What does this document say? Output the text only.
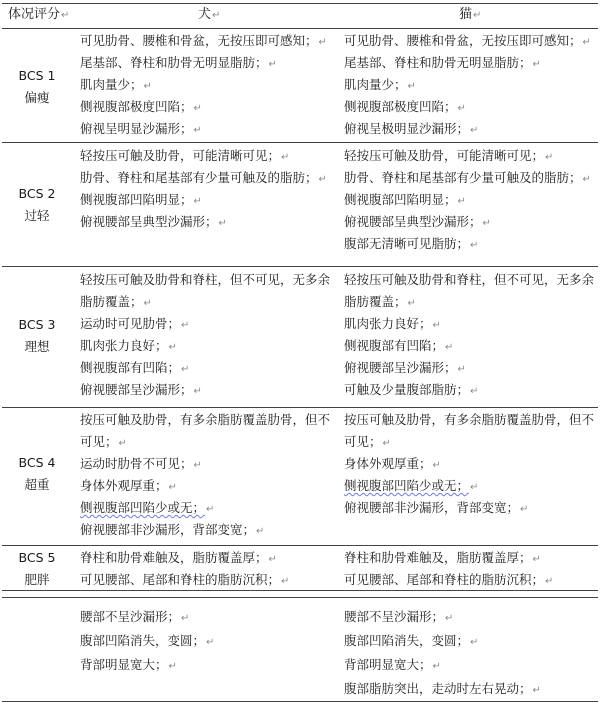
体况评分↵	犬↵	猫↵
BCS 1
偏瘦
可见肋骨、腰椎和骨盆，无按压即可感知；↵
尾基部、脊柱和肋骨无明显脂肪；↵
肌肉量少；↵
侧视腹部极度凹陷；↵
俯视呈明显沙漏形；↵
可见肋骨、腰椎和骨盆，无按压即可感知；↵
尾基部、脊柱和肋骨无明显脂肪；↵
肌肉量少；↵
侧视腹部极度凹陷；↵
俯视呈极明显沙漏形；↵
BCS 2
过轻
轻按压可触及肋骨，可能清晰可见；↵
肋骨、脊柱和尾基部有少量可触及的脂肪；↵
侧视腹部凹陷明显；↵
俯视腰部呈典型沙漏形；↵
轻按压可触及肋骨，可能清晰可见；↵
肋骨、脊柱和尾基部有少量可触及的脂肪；↵
侧视腹部凹陷明显；↵
俯视腰部呈典型沙漏形；↵
腹部无清晰可见脂肪；↵
BCS 3
理想
轻按压可触及肋骨和脊柱，但不可见，无多余脂肪覆盖；↵
运动时可见肋骨；↵
肌肉张力良好；↵
侧视腹部有凹陷；↵
俯视腰部呈沙漏形；↵
轻按压可触及肋骨和脊柱，但不可见，无多余脂肪覆盖；↵
肌肉张力良好；↵
侧视腹部有凹陷；↵
俯视腰部呈沙漏形；↵
可触及少量腹部脂肪；↵
BCS 4
超重
按压可触及肋骨，有多余脂肪覆盖肋骨，但不可见；↵
运动时肋骨不可见；↵
身体外观厚重；↵
侧视腹部凹陷少或无；↵
俯视腰部非沙漏形，背部变宽；↵
按压可触及肋骨，有多余脂肪覆盖肋骨，但不可见；↵
身体外观厚重；↵
侧视腹部凹陷少或无；↵
俯视腰部非沙漏形，背部变宽；↵
BCS 5
肥胖
脊柱和肋骨难触及，脂肪覆盖厚；↵
可见腰部、尾部和脊柱的脂肪沉积；↵
脊柱和肋骨难触及，脂肪覆盖厚；↵
可见腰部、尾部和脊柱的脂肪沉积；↵
腰部不呈沙漏形；↵
腹部凹陷消失，变圆；↵
背部明显宽大；↵
腰部不呈沙漏形；↵
腹部凹陷消失，变圆；↵
背部明显宽大；↵
腹部脂肪突出，走动时左右晃动；↵
